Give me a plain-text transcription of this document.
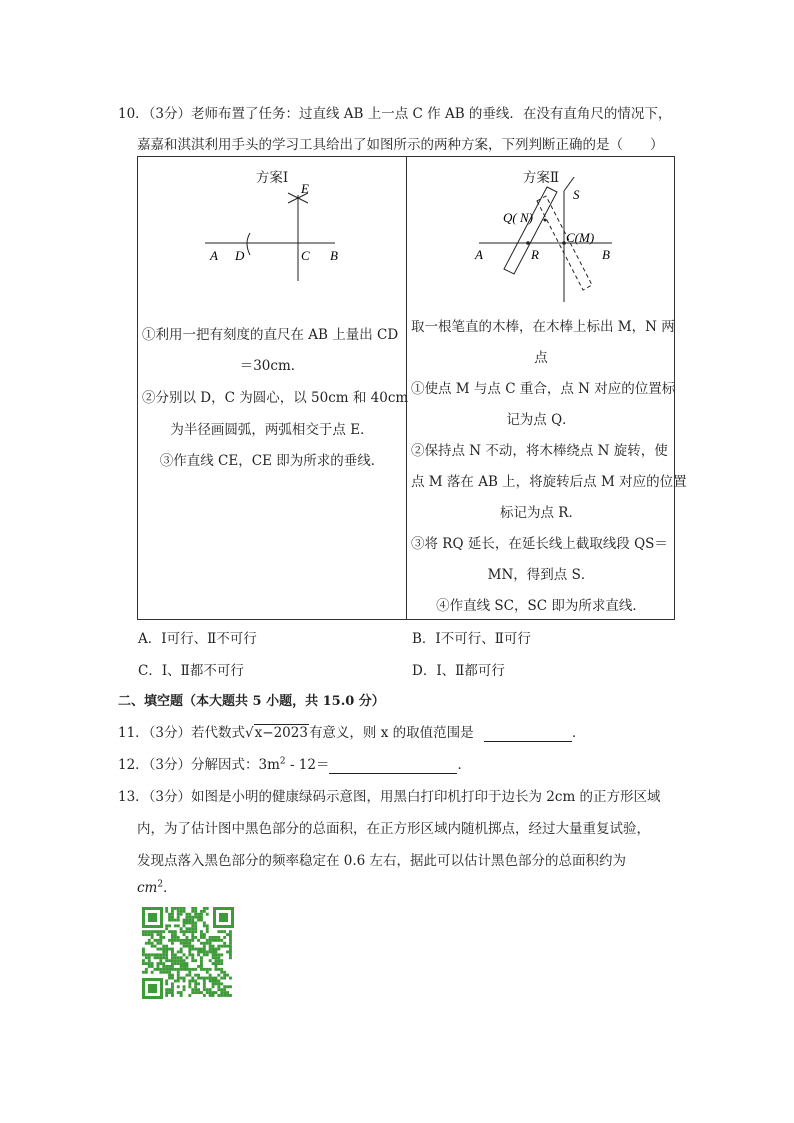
10．（3分）老师布置了任务：过直线 AB 上一点 C 作 AB 的垂线．在没有直角尺的情况下，
嘉嘉和淇淇利用手头的学习工具给出了如图所示的两种方案，下列判断正确的是（　　）
方案Ⅰ
A D	C B
E
①利用一把有刻度的直尺在 AB 上量出 CD
＝30cm．
②分别以 D，C 为圆心，以 50cm 和 40cm
为半径画圆弧，两弧相交于点 E．
③作直线 CE，CE 即为所求的垂线．
方案Ⅱ
A	R	B
S
Q( N)
C(M)
取一根笔直的木棒，在木棒上标出 M，N 两
点
①使点 M 与点 C 重合，点 N 对应的位置标
记为点 Q．
②保持点 N 不动，将木棒绕点 N 旋转，使
点 M 落在 AB 上，将旋转后点 M 对应的位置
标记为点 R．
③将 RQ 延长，在延长线上截取线段 QS＝
MN，得到点 S．
④作直线 SC，SC 即为所求直线．
A．Ⅰ可行、Ⅱ不可行	B．Ⅰ不可行、Ⅱ可行
C．Ⅰ、Ⅱ都不可行	D．Ⅰ、Ⅱ都可行
二、填空题（本大题共 5 小题，共 15.0 分）
11．（3分）若代数式√x−2023有意义，则 x 的取值范围是	．
12．（3分）分解因式：$3m^2 - 12=$	．
13．（3分）如图是小明的健康绿码示意图，用黑白打印机打印于边长为 2cm 的正方形区域
内，为了估计图中黑色部分的总面积，在正方形区域内随机掷点，经过大量重复试验，
发现点落入黑色部分的频率稳定在 0.6 左右，据此可以估计黑色部分的总面积约为
$cm^2$．
